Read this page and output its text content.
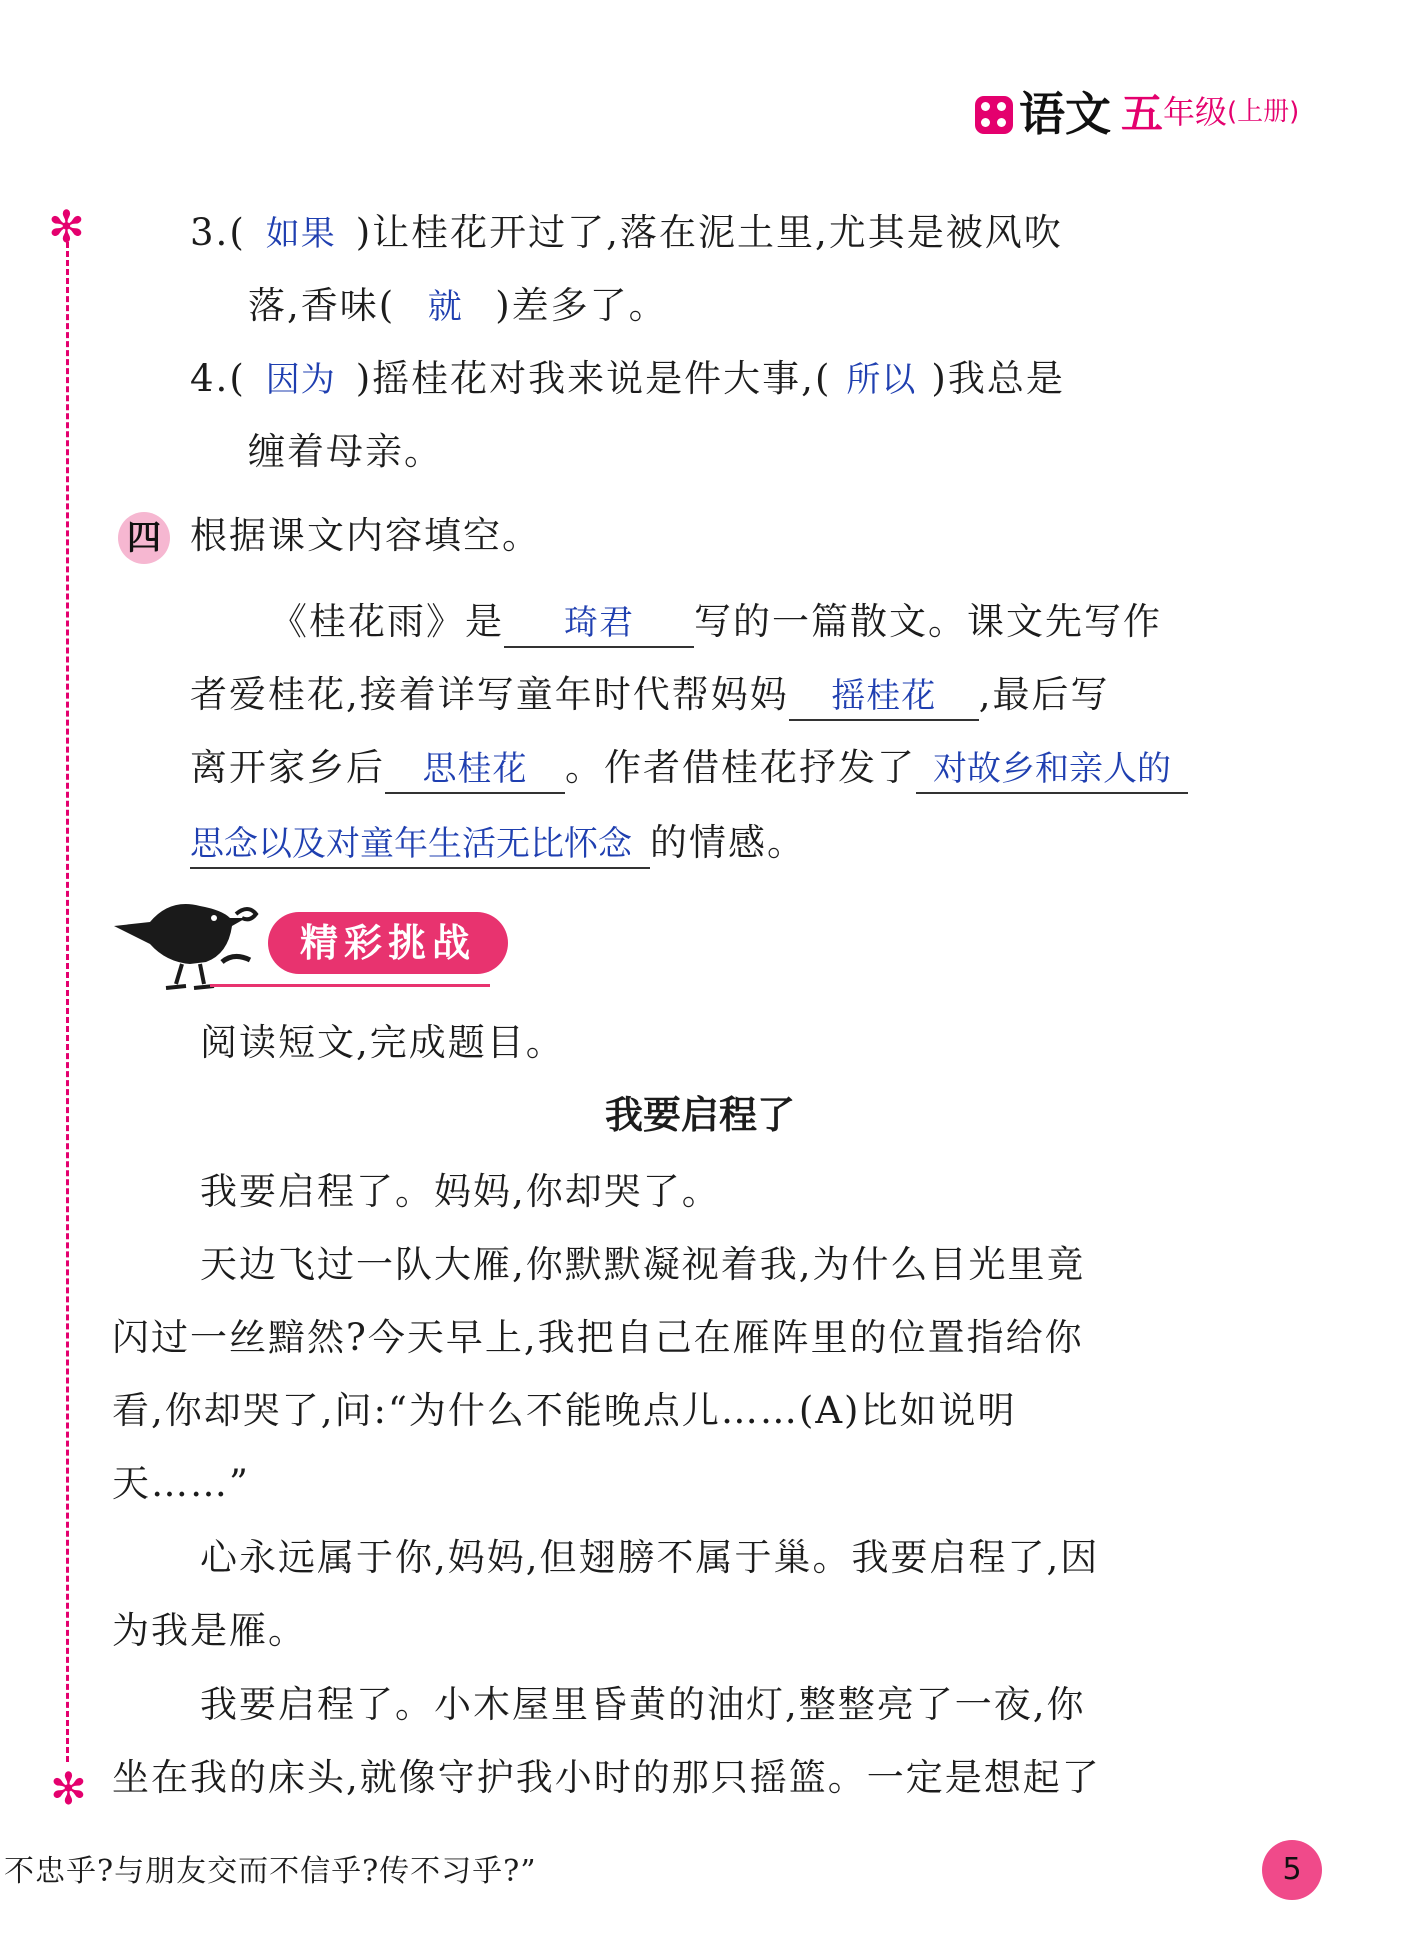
语文 五 年级 (上册)
✻
✻
3.( 如果 )让桂花开过了,落在泥土里,尤其是被风吹
落,香味( 就 )差多了。
4.( 因为 )摇桂花对我来说是件大事,( 所以 )我总是
缠着母亲。
四 根据课文内容填空。
《桂花雨》是 琦君 写的一篇散文。课文先写作
者爱桂花,接着详写童年时代帮妈妈 摇桂花 ,最后写
离开家乡后 思桂花 。作者借桂花抒发了 对故乡和亲人的
思念以及对童年生活无比怀念 的情感。
精彩挑战
阅读短文,完成题目。
我要启程了
我要启程了。妈妈,你却哭了。
天边飞过一队大雁,你默默凝视着我,为什么目光里竟
闪过一丝黯然?今天早上,我把自己在雁阵里的位置指给你
看,你却哭了,问:“为什么不能晚点儿……(A)比如说明
天……”
心永远属于你,妈妈,但翅膀不属于巢。我要启程了,因
为我是雁。
我要启程了。小木屋里昏黄的油灯,整整亮了一夜,你
坐在我的床头,就像守护我小时的那只摇篮。一定是想起了
不忠乎?与朋友交而不信乎?传不习乎?”	5
